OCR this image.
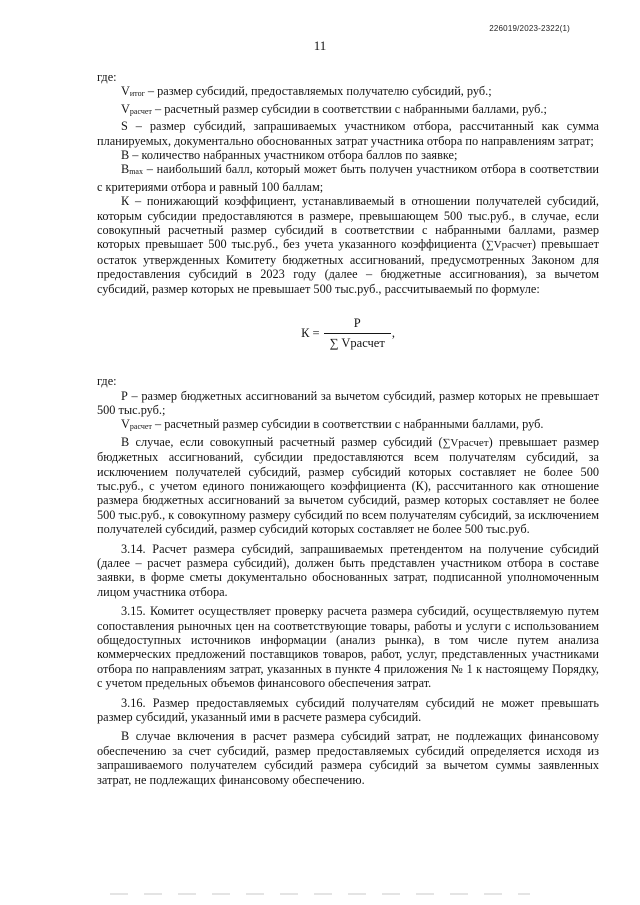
226019/2023-2322(1)
11

где:

Vитог – размер субсидий, предоставляемых получателю субсидий, руб.;

Vрасчет – расчетный размер субсидии в соответствии с набранными баллами, руб.;

S – размер субсидий, запрашиваемых участником отбора, рассчитанный как сумма планируемых, документально обоснованных затрат участника отбора по направлениям затрат;

B – количество набранных участником отбора баллов по заявке;

Bmax – наибольший балл, который может быть получен участником отбора в соответствии с критериями отбора и равный 100 баллам;

К – понижающий коэффициент, устанавливаемый в отношении получателей субсидий, которым субсидии предоставляются в размере, превышающем 500 тыс.руб., в случае, если совокупный расчетный размер субсидий в соответствии с набранными баллами, размер которых превышает 500 тыс.руб., без учета указанного коэффициента (∑Vрасчет) превышает остаток утвержденных Комитету бюджетных ассигнований, предусмотренных Законом для предоставления субсидий в 2023 году (далее – бюджетные ассигнования), за вычетом субсидий, размер которых не превышает 500 тыс.руб., рассчитываемый по формуле:

$К = \frac{Р}{\text{∑ Vрасчет}}$ ,

где:

Р – размер бюджетных ассигнований за вычетом субсидий, размер которых не превышает 500 тыс.руб.;

Vрасчет – расчетный размер субсидии в соответствии с набранными баллами, руб.

В случае, если совокупный расчетный размер субсидий (∑Vрасчет) превышает размер бюджетных ассигнований, субсидии предоставляются всем получателям субсидий, за исключением получателей субсидий, размер субсидий которых составляет не более 500 тыс.руб., с учетом единого понижающего коэффициента (К), рассчитанного как отношение размера бюджетных ассигнований за вычетом субсидий, размер которых составляет не более 500 тыс.руб., к совокупному размеру субсидий по всем получателям субсидий, за исключением получателей субсидий, размер субсидий которых составляет не более 500 тыс.руб.

3.14. Расчет размера субсидий, запрашиваемых претендентом на получение субсидий (далее – расчет размера субсидий), должен быть представлен участником отбора в составе заявки, в форме сметы документально обоснованных затрат, подписанной уполномоченным лицом участника отбора.

3.15. Комитет осуществляет проверку расчета размера субсидий, осуществляемую путем сопоставления рыночных цен на соответствующие товары, работы и услуги с использованием общедоступных источников информации (анализ рынка), в том числе путем анализа коммерческих предложений поставщиков товаров, работ, услуг, представленных участниками отбора по направлениям затрат, указанных в пункте 4 приложения № 1 к настоящему Порядку, с учетом предельных объемов финансового обеспечения затрат.

3.16. Размер предоставляемых субсидий получателям субсидий не может превышать размер субсидий, указанный ими в расчете размера субсидий.

В случае включения в расчет размера субсидий затрат, не подлежащих финансовому обеспечению за счет субсидий, размер предоставляемых субсидий определяется исходя из запрашиваемого получателем субсидий размера субсидий за вычетом суммы заявленных затрат, не подлежащих финансовому обеспечению.
